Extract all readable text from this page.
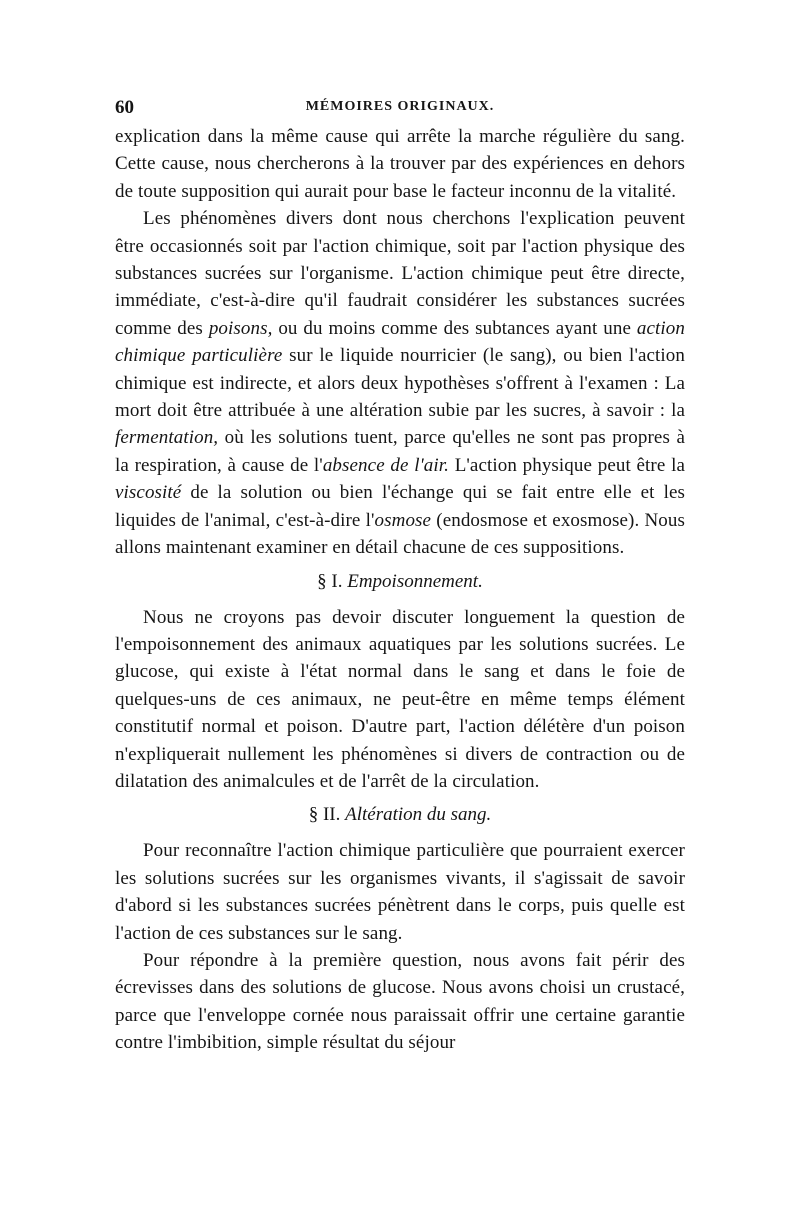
60	MÉMOIRES ORIGINAUX.

explication dans la même cause qui arrête la marche régulière du sang. Cette cause, nous chercherons à la trouver par des expériences en dehors de toute supposition qui aurait pour base le facteur inconnu de la vitalité.

Les phénomènes divers dont nous cherchons l'explication peuvent être occasionnés soit par l'action chimique, soit par l'action physique des substances sucrées sur l'organisme. L'action chimique peut être directe, immédiate, c'est-à-dire qu'il faudrait considérer les substances sucrées comme des poisons, ou du moins comme des subtances ayant une action chimique particulière sur le liquide nourricier (le sang), ou bien l'action chimique est indirecte, et alors deux hypothèses s'offrent à l'examen : La mort doit être attribuée à une altération subie par les sucres, à savoir : la fermentation, où les solutions tuent, parce qu'elles ne sont pas propres à la respiration, à cause de l'absence de l'air. L'action physique peut être la viscosité de la solution ou bien l'échange qui se fait entre elle et les liquides de l'animal, c'est-à-dire l'osmose (endosmose et exosmose). Nous allons maintenant examiner en détail chacune de ces suppositions.

§ I. Empoisonnement.

Nous ne croyons pas devoir discuter longuement la question de l'empoisonnement des animaux aquatiques par les solutions sucrées. Le glucose, qui existe à l'état normal dans le sang et dans le foie de quelques-uns de ces animaux, ne peut-être en même temps élément constitutif normal et poison. D'autre part, l'action délétère d'un poison n'expliquerait nullement les phénomènes si divers de contraction ou de dilatation des animalcules et de l'arrêt de la circulation.

§ II. Altération du sang.

Pour reconnaître l'action chimique particulière que pourraient exercer les solutions sucrées sur les organismes vivants, il s'agissait de savoir d'abord si les substances sucrées pénètrent dans le corps, puis quelle est l'action de ces substances sur le sang.

Pour répondre à la première question, nous avons fait périr des écrevisses dans des solutions de glucose. Nous avons choisi un crustacé, parce que l'enveloppe cornée nous paraissait offrir une certaine garantie contre l'imbibition, simple résultat du séjour
